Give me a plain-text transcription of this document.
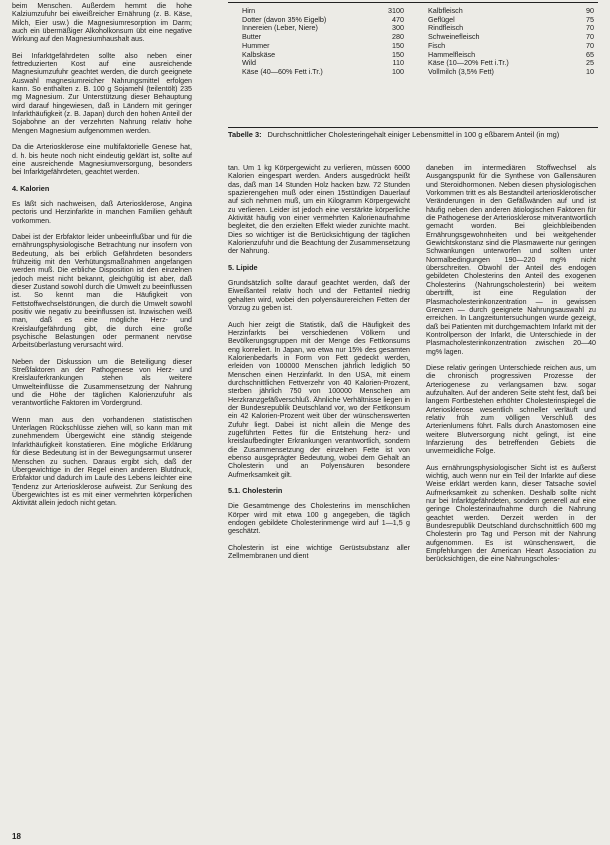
beim Menschen. Außerdem hemmt die hohe Kalziumzufuhr bei eiweißreicher Ernährung (z. B. Käse, Milch, Eier usw.) die Magnesiumresorption im Darm; auch ein übermäßiger Alkoholkonsum übt eine negative Wirkung auf den Magnesiumhaushalt aus.

Bei Infarktgefährdeten sollte also neben einer fettreduzierten Kost auf eine ausreichende Magnesiumzufuhr geachtet werden, die durch geeignete Auswahl magnesiumreicher Nahrungsmittel erfolgen kann. So enthalten z. B. 100 g Sojamehl (teilentölt) 235 mg Magnesium. Zur Unterstützung dieser Behauptung wird darauf hingewiesen, daß in Ländern mit geringer Infarkthäufigkeit (z. B. Japan) durch den hohen Anteil der Sojabohne an der verzehrten Nahrung relativ hohe Mengen Magnesium aufgenommen werden.

Da die Arteriosklerose eine multifaktorielle Genese hat, d. h. bis heute noch nicht eindeutig geklärt ist, sollte auf eine ausreichende Magnesiumversorgung, besonders bei Infarktgefährdeten, geachtet werden.

4. Kalorien

Es läßt sich nachweisen, daß Arteriosklerose, Angina pectoris und Herzinfarkte in manchen Familien gehäuft vorkommen.

Dabei ist der Erbfaktor leider unbeeinflußbar und für die ernährungsphysiologische Betrachtung nur insofern von Bedeutung, als bei erblich Gefährdeten besonders frühzeitig mit den Verhütungsmaßnahmen angefangen werden muß. Die erbliche Disposition ist den einzelnen jedoch meist nicht bekannt, gleichgültig ist aber, daß dieser Zustand sowohl durch die Umwelt zu beeinflussen ist. So kennt man die Häufigkeit von Fettstoffwechselstörungen, die durch die Umwelt sowohl positiv wie negativ zu beeinflussen ist. Inzwischen weiß man, daß es eine mögliche Herz- und Kreislaufgefährdung gibt, die durch eine große psychische Belastungen oder permanent nervöse Arbeitsüberlastung verursacht wird.

Neben der Diskussion um die Beteiligung dieser Streßfaktoren an der Pathogenese von Herz- und Kreislauferkrankungen stehen als weitere Umwelteinflüsse die Zusammensetzung der Nahrung und die Höhe der täglichen Kalorienzufuhr als verantwortliche Faktoren im Vordergrund.

Wenn man aus den vorhandenen statistischen Unterlagen Rückschlüsse ziehen will, so kann man mit zunehmendem Übergewicht eine ständig steigende Infarkthäufigkeit konstatieren. Eine mögliche Erklärung für diese Bedeutung ist in der Bewegungsarmut unserer Menschen zu suchen. Daraus ergibt sich, daß der Übergewichtige in der Regel einen anderen Blutdruck, Erbfaktor und dadurch im Laufe des Lebens leichter eine Tendenz zur Arteriosklerose aufweist. Zur Senkung des Übergewichtes ist es mit einer vermehrten körperlichen Aktivität allein jedoch nicht getan.

Hirn	3100
Dotter (davon 35% Eigelb)	470
Innereien (Leber, Niere)	300
Butter	280
Hummer	150
Kalbskäse	150
Wild	110
Käse (40—60% Fett i.Tr.)	100
Kalbfleisch	90
Geflügel	75
Rindfleisch	70
Schweinefleisch	70
Fisch	70
Hammelfleisch	65
Käse (10—20% Fett i.Tr.)	25
Vollmilch (3,5% Fett)	10
Tabelle 3: Durchschnittlicher Cholesteringehalt einiger Lebensmittel in 100 g eßbarem Anteil (in mg)

tan. Um 1 kg Körpergewicht zu verlieren, müssen 6000 Kalorien eingespart werden. Anders ausgedrückt heißt das, daß man 14 Stunden Holz hacken bzw. 72 Stunden spazierengehen muß oder einen 15stündigen Dauerlauf auf sich nehmen muß, um ein Kilogramm Körpergewicht zu verlieren. Leider ist jedoch eine verstärkte körperliche Aktivität häufig von einer vermehrten Kalorienaufnahme begleitet, die den erzielten Effekt wieder zunichte macht. Dies so wichtiger ist die Berücksichtigung der täglichen Kalorienzufuhr und die Beachtung der Zusammensetzung der Nahrung.

5. Lipide

Grundsätzlich sollte darauf geachtet werden, daß der Eiweißanteil relativ hoch und der Fettanteil niedrig gehalten wird, wobei den polyensäurereichen Fetten der Vorzug zu geben ist.

Auch hier zeigt die Statistik, daß die Häufigkeit des Herzinfarkts bei verschiedenen Völkern und Bevölkerungsgruppen mit der Menge des Fettkonsums eng korreliert. In Japan, wo etwa nur 15% des gesamten Kalorienbedarfs in Form von Fett gedeckt werden, erleiden von 100000 Menschen jährlich lediglich 50 Menschen einen Herzinfarkt. In den USA, mit einem durchschnittlichen Fettverzehr von 40 Kalorien-Prozent, sterben jährlich 750 von 100000 Menschen am Herzkranzgefäßverschluß. Ähnliche Verhältnisse liegen in der Bundesrepublik Deutschland vor, wo der Fettkonsum ein 42 Kalorien-Prozent weit über der wünschenswerten Zufuhr liegt. Dabei ist nicht allein die Menge des zugeführten Fettes für die Entstehung herz- und kreislaufbedingter Erkrankungen verantwortlich, sondern die Zusammensetzung der einzelnen Fette ist von ebenso ausgeprägter Bedeutung, wobei dem Gehalt an Cholesterin und an Polyensäuren besondere Aufmerksamkeit gilt.

5.1. Cholesterin

Die Gesamtmenge des Cholesterins im menschlichen Körper wird mit etwa 100 g angegeben, die täglich endogen gebildete Cholesterinmenge wird auf 1—1,5 g geschätzt.

Cholesterin ist eine wichtige Gerüstsubstanz aller Zellmembranen und dient

daneben im intermediären Stoffwechsel als Ausgangspunkt für die Synthese von Gallensäuren und Steroidhormonen. Neben diesen physiologischen Vorkommen tritt es als Bestandteil arteriosklerotischer Veränderungen in den Gefäßwänden auf und ist häufig neben den anderen ätiologischen Faktoren für die Pathogenese der Arteriosklerose mitverantwortlich gemacht worden. Bei gleichbleibenden Ernährungsgewohnheiten und bei weitgehender Gewichtskonstanz sind die Plasmawerte nur geringen Schwankungen unterworfen und sollten unter Normalbedingungen 190—220 mg% nicht überschreiten. Obwohl der Anteil des endogen gebildeten Cholesterins den Anteil des exogenen Cholesterins (Nahrungscholesterin) bei weitem übertrifft, ist eine Regulation der Plasmacholesterinkonzentration — in gewissen Grenzen — durch geeignete Nahrungsauswahl zu erreichen. In Langzeituntersuchungen wurde gezeigt, daß bei Patienten mit durchgemachtem Infarkt mit der Kontrollperson der Infarkt, die Unterschiede in der Plasmacholesterinkonzentration zwischen 20—40 mg% lagen.

Diese relativ geringen Unterschiede reichen aus, um die chronisch progressiven Prozesse der Arteriogenese zu verlangsamen bzw. sogar aufzuhalten. Auf der anderen Seite steht fest, daß bei langem Fortbestehen erhöhter Cholesterinspiegel die Arteriosklerose wesentlich schneller verläuft und relativ früh zum völligen Verschluß des Arterienlumens führt. Falls durch Anastomosen eine weitere Blutversorgung nicht gelingt, ist eine Infarzierung des betreffenden Gebiets die unvermeidliche Folge.

Aus ernährungsphysiologischer Sicht ist es äußerst wichtig, auch wenn nur ein Teil der Infarkte auf diese Weise erklärt werden kann, dieser Tatsache soviel Aufmerksamkeit zu schenken. Deshalb sollte nicht nur bei Infarktgefährdeten, sondern generell auf eine geringe Cholesterinaufnahme durch die Nahrung geachtet werden. Derzeit werden in der Bundesrepublik Deutschland durchschnittlich 600 mg Cholesterin pro Tag und Person mit der Nahrung aufgenommen. Es ist wünschenswert, die Empfehlungen der American Heart Association zu berücksichtigen, die eine Nahrungscholes-

18
